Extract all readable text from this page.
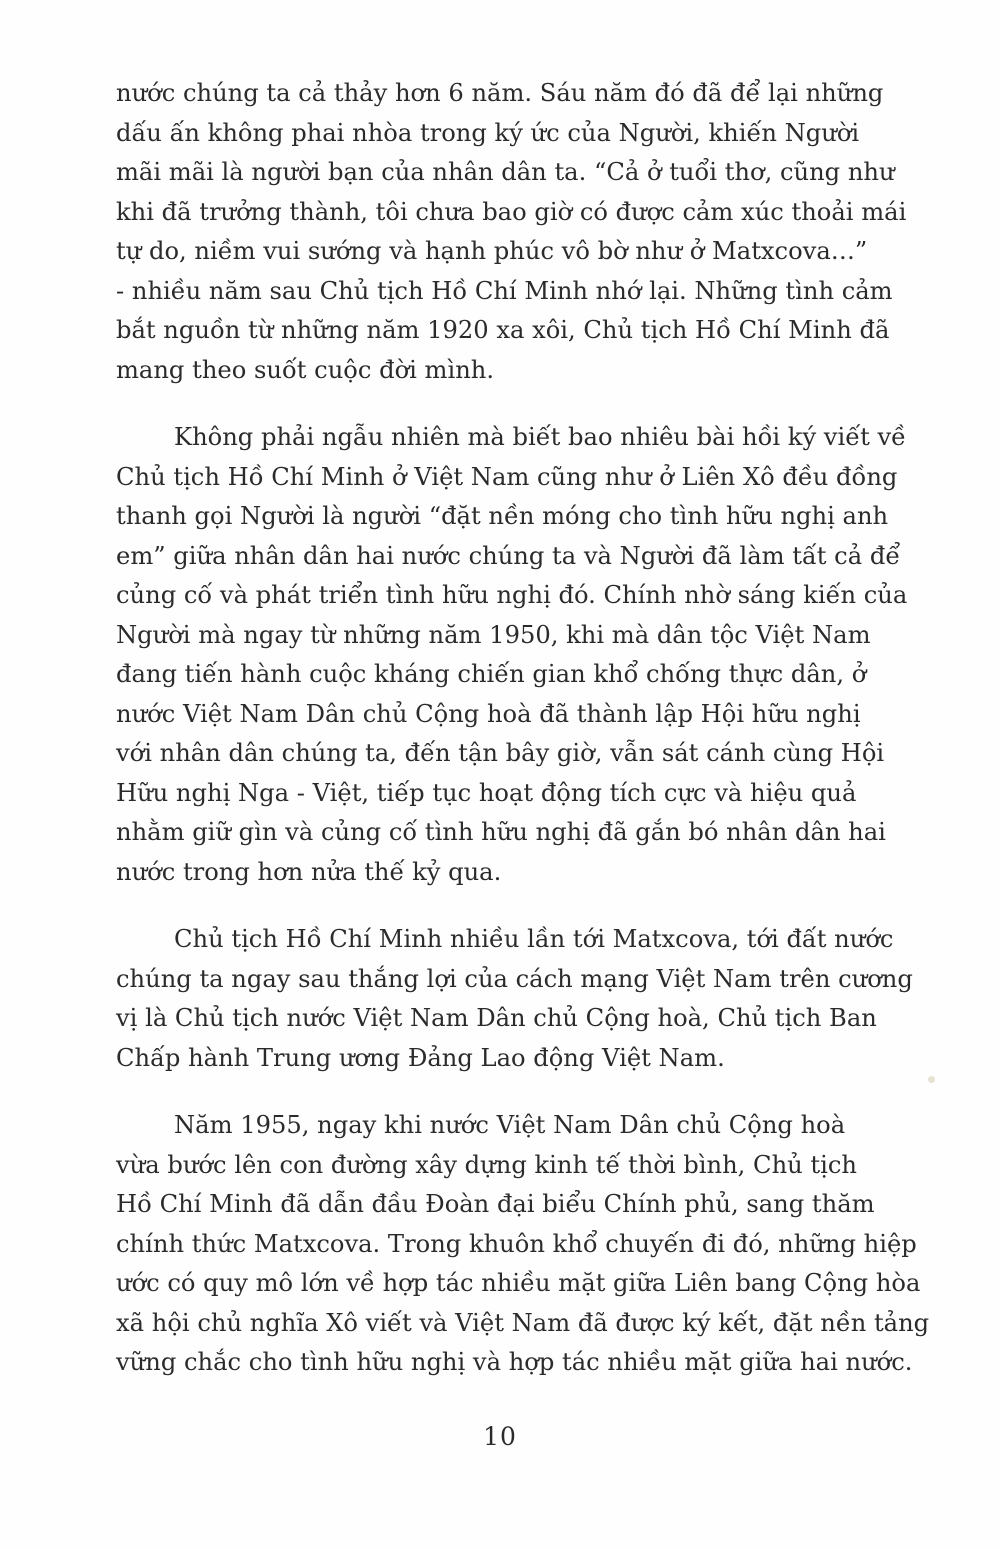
nước chúng ta cả thảy hơn 6 năm. Sáu năm đó đã để lại những
dấu ấn không phai nhòa trong ký ức của Người, khiến Người
mãi mãi là người bạn của nhân dân ta. “Cả ở tuổi thơ, cũng như
khi đã trưởng thành, tôi chưa bao giờ có được cảm xúc thoải mái
tự do, niềm vui sướng và hạnh phúc vô bờ như ở Matxcova…”
- nhiều năm sau Chủ tịch Hồ Chí Minh nhớ lại. Những tình cảm
bắt nguồn từ những năm 1920 xa xôi, Chủ tịch Hồ Chí Minh đã
mang theo suốt cuộc đời mình.
Không phải ngẫu nhiên mà biết bao nhiêu bài hồi ký viết về
Chủ tịch Hồ Chí Minh ở Việt Nam cũng như ở Liên Xô đều đồng
thanh gọi Người là người “đặt nền móng cho tình hữu nghị anh
em” giữa nhân dân hai nước chúng ta và Người đã làm tất cả để
củng cố và phát triển tình hữu nghị đó. Chính nhờ sáng kiến của
Người mà ngay từ những năm 1950, khi mà dân tộc Việt Nam
đang tiến hành cuộc kháng chiến gian khổ chống thực dân, ở
nước Việt Nam Dân chủ Cộng hoà đã thành lập Hội hữu nghị
với nhân dân chúng ta, đến tận bây giờ, vẫn sát cánh cùng Hội
Hữu nghị Nga - Việt, tiếp tục hoạt động tích cực và hiệu quả
nhằm giữ gìn và củng cố tình hữu nghị đã gắn bó nhân dân hai
nước trong hơn nửa thế kỷ qua.
Chủ tịch Hồ Chí Minh nhiều lần tới Matxcova, tới đất nước
chúng ta ngay sau thắng lợi của cách mạng Việt Nam trên cương
vị là Chủ tịch nước Việt Nam Dân chủ Cộng hoà, Chủ tịch Ban
Chấp hành Trung ương Đảng Lao động Việt Nam.
Năm 1955, ngay khi nước Việt Nam Dân chủ Cộng hoà
vừa bước lên con đường xây dựng kinh tế thời bình, Chủ tịch
Hồ Chí Minh đã dẫn đầu Đoàn đại biểu Chính phủ, sang thăm
chính thức Matxcova. Trong khuôn khổ chuyến đi đó, những hiệp
ước có quy mô lớn về hợp tác nhiều mặt giữa Liên bang Cộng hòa
xã hội chủ nghĩa Xô viết và Việt Nam đã được ký kết, đặt nền tảng
vững chắc cho tình hữu nghị và hợp tác nhiều mặt giữa hai nước.
10
